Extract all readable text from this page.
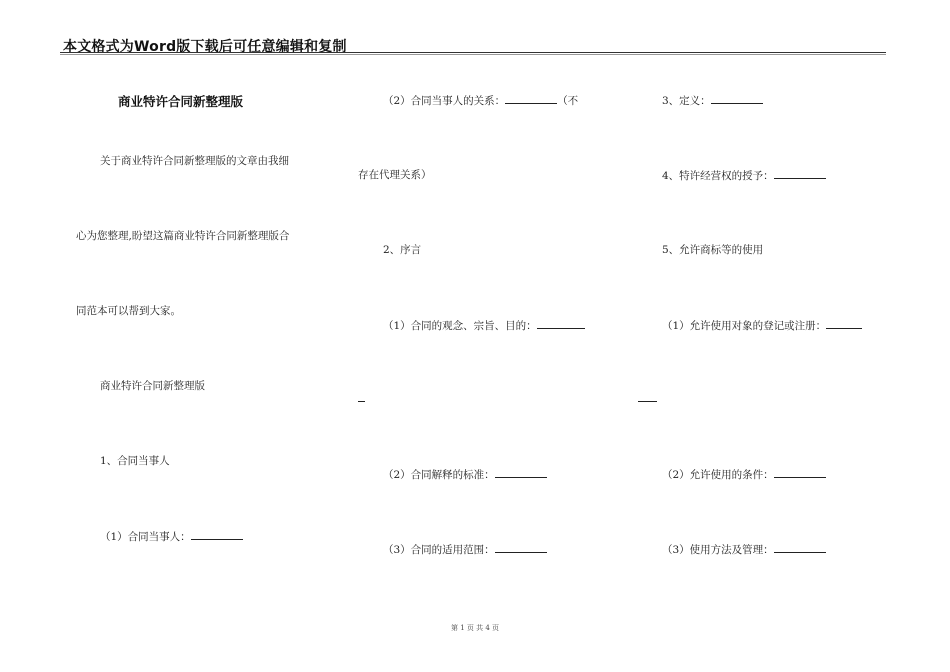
本文格式为Word版下载后可任意编辑和复制
商业特许合同新整理版
关于商业特许合同新整理版的文章由我细
心为您整理,盼望这篇商业特许合同新整理版合
同范本可以帮到大家。
商业特许合同新整理版
1、合同当事人
（1）合同当事人：
（2）合同当事人的关系：	（不
存在代理关系）
2、序言
（1）合同的观念、宗旨、目的：
（2）合同解释的标准：
（3）合同的适用范围：
3、定义：
4、特许经营权的授予：
5、允许商标等的使用
（1）允许使用对象的登记或注册：
（2）允许使用的条件：
（3）使用方法及管理：
第 1 页 共 4 页
